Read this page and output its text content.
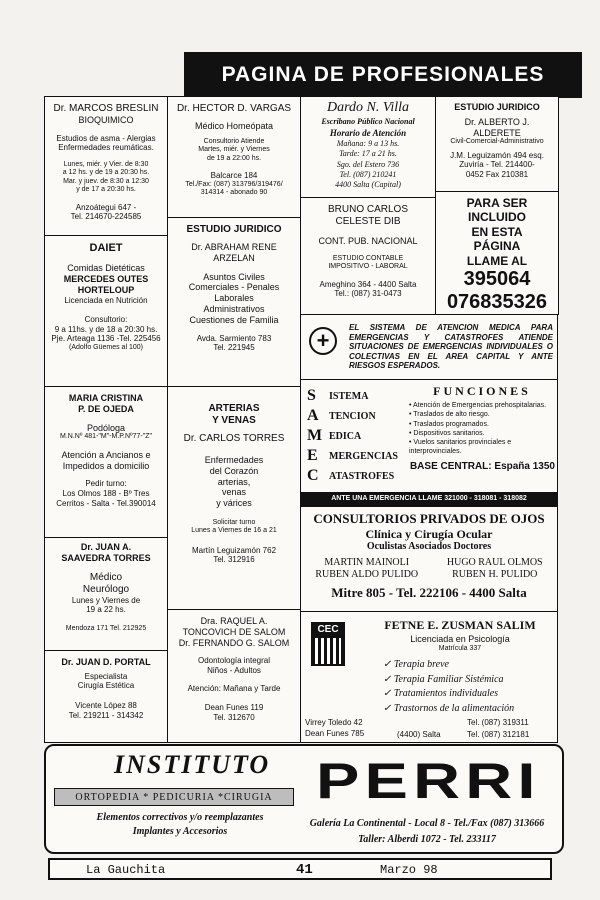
PAGINA DE PROFESIONALES
Dr. MARCOS BRESLIN
BIOQUIMICO
Estudios de asma - Alergias
Enfermedades reumáticas.
Lunes, miér. y Vier. de 8:30
a 12 hs. y de 19 a 20:30 hs.
Mar. y juev. de 8:30 a 12:30
y de 17 a 20:30 hs.
Anzoátegui 647 -
Tel. 214670-224585
Dr. HECTOR D. VARGAS
Médico Homeópata
Consultorio Atiende
Martes, miér. y Viernes
de 19 a 22:00 hs.
Balcarce 184
Tel./Fax: (087) 313796/319476/
314314 - abonado 90
Dardo N. Villa
Escribano Público Nacional
Horario de Atención
Mañana: 9 a 13 hs.
Tarde: 17 a 21 hs.
Sgo. del Estero 736
Tel. (087) 210241
4400 Salta (Capital)
ESTUDIO JURIDICO
Dr. ALBERTO J.
ALDERETE
Civil-Comercial-Administrativo
J.M. Leguizamón 494 esq.
Zuviría - Tel. 214400-
0452 Fax 210381
BRUNO CARLOS
CELESTE DIB
CONT. PUB. NACIONAL
ESTUDIO CONTABLE
IMPOSITIVO - LABORAL
Ameghino 364 - 4400 Salta
Tel.: (087) 31-0473
PARA SER
INCLUIDO
EN ESTA
PÁGINA
LLAME AL
395064
076835326
DAIET
Comidas Dietéticas
MERCEDES OUTES
HORTELOUP
Licenciada en Nutrición
Consultorio:
9 a 11hs. y de 18 a 20:30 hs.
Pje. Arteaga 1136 -Tel. 225456
(Adolfo Güemes al 100)
ESTUDIO JURIDICO
Dr. ABRAHAM RENE
ARZELAN
Asuntos Civiles
Comerciales - Penales
Laborales
Administrativos
Cuestiones de Familia
Avda. Sarmiento 783
Tel. 221945	+
EL SISTEMA DE ATENCION MEDICA PARA EMERGENCIAS Y CATASTROFES ATIENDE SITUACIONES DE EMERGENCIAS INDIVIDUALES O COLECTIVAS EN EL AREA CAPITAL Y ANTE RIESGOS ESPERADOS.
S	ISTEMA
A	TENCION
M EDICA
E	MERGENCIAS
C	ATASTROFES
FUNCIONES
• Atención de Emergencias prehospitalarias.
• Traslados de alto riesgo.
• Traslados programados.
• Dispositivos sanitarios.
• Vuelos sanitarios provinciales e interprovinciales.
BASE CENTRAL: España 1350
ANTE UNA EMERGENCIA LLAME 321000 - 318081 - 318082
MARIA CRISTINA
P. DE OJEDA
Podóloga
M.N.Nº 481-"M"-M.P.Nº77-"Z"
Atención a Ancianos e
Impedidos a domicilio
Pedir turno:
Los Olmos 188 - Bº Tres
Cerritos - Salta - Tel.390014
ARTERIAS
Y VENAS
Dr. CARLOS TORRES
Enfermedades
del Corazón
arterias,
venas
y várices
Solicitar turno
Lunes a Viernes de 16 a 21
Martín Leguizamón 762
Tel. 312916
CONSULTORIOS PRIVADOS DE OJOS
Clínica y Cirugía Ocular
Oculistas Asociados Doctores
MARTIN MAINOLI
RUBEN ALDO PULIDO
HUGO RAUL OLMOS
RUBEN H. PULIDO
Mitre 805 - Tel. 222106 - 4400 Salta
Dr. JUAN A.
SAAVEDRA TORRES
Médico
Neurólogo
Lunes y Viernes de
19 a 22 hs.
Mendoza 171 Tel. 212925
Dra. RAQUEL A.
TONCOVICH DE SALOM
Dr. FERNANDO G. SALOM
Odontología integral
Niños - Adultos
Atención: Mañana y Tarde
Dean Funes 119
Tel. 312670
Dr. JUAN D. PORTAL
Especialista
Cirugía Estética
Vicente López 88
Tel. 219211 - 314342
CEC	FETNE E. ZUSMAN SALIM
Licenciada en Psicología
Matrícula 337
✓ Terapia breve
✓ Terapia Familiar Sistémica
✓ Tratamientos individuales
✓ Trastornos de la alimentación
Virrey Toledo 42
Dean Funes 785	(4400) Salta
Tel. (087) 319311
Tel. (087) 312181
INSTITUTO
ORTOPEDIA * PEDICURIA *CIRUGIA
Elementos correctivos y/o reemplazantes
Implantes y Accesorios
PERRI
Galería La Continental - Local 8 - Tel./Fax (087) 313666
Taller: Alberdi 1072 - Tel. 233117
La Gauchita	41	Marzo 98
